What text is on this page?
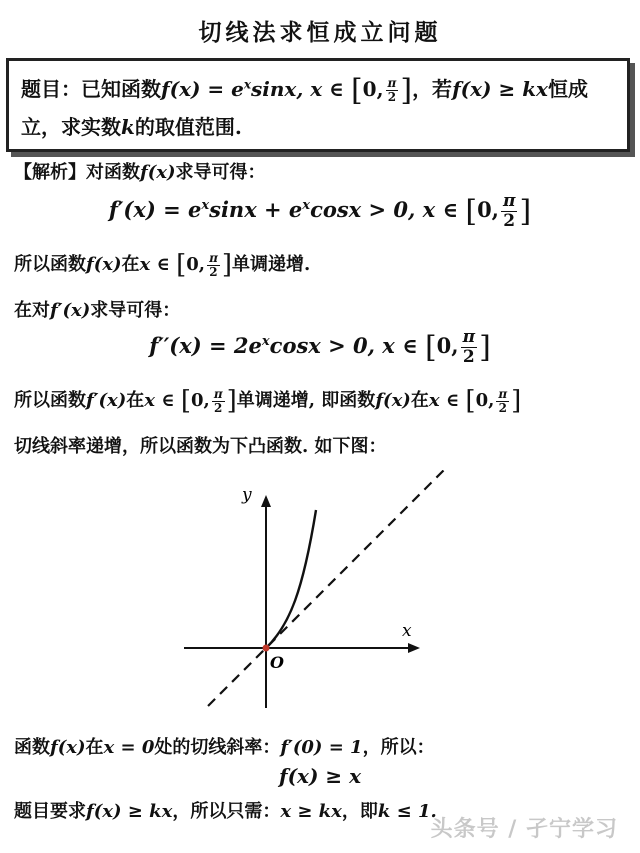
切线法求恒成立问题
题目：已知函数$f(x) = e^x\sin x$, x ∈ [0, $\frac{\pi}{2}$ ]，若f(x) ≥ kx恒成
立，求实数k的取值范围.
【解析】对函数f(x)求导可得：
$f'(x) = e^x\sin x + e^x\cos x > 0$, x ∈ [0, $\frac{\pi}{2}$ ]
所以函数f(x)在x ∈ [0, $\frac{\pi}{2}$ ]单调递增.
在对f′(x)求导可得：
$f''(x) = 2e^x\cos x > 0$, x ∈ [0, $\frac{\pi}{2}$ ]
所以函数f′(x)在x ∈ [0, $\frac{\pi}{2}$ ]单调递增, 即函数f(x)在x ∈ [0, $\frac{\pi}{2}$ ]
切线斜率递增，所以函数为下凸函数. 如下图：
y
x
O
函数f(x)在x = 0处的切线斜率：f′(0) = 1，所以：
f(x) ≥ x
题目要求f(x) ≥ kx，所以只需：x ≥ kx，即k ≤ 1.
头条号 / 孑宁学习
